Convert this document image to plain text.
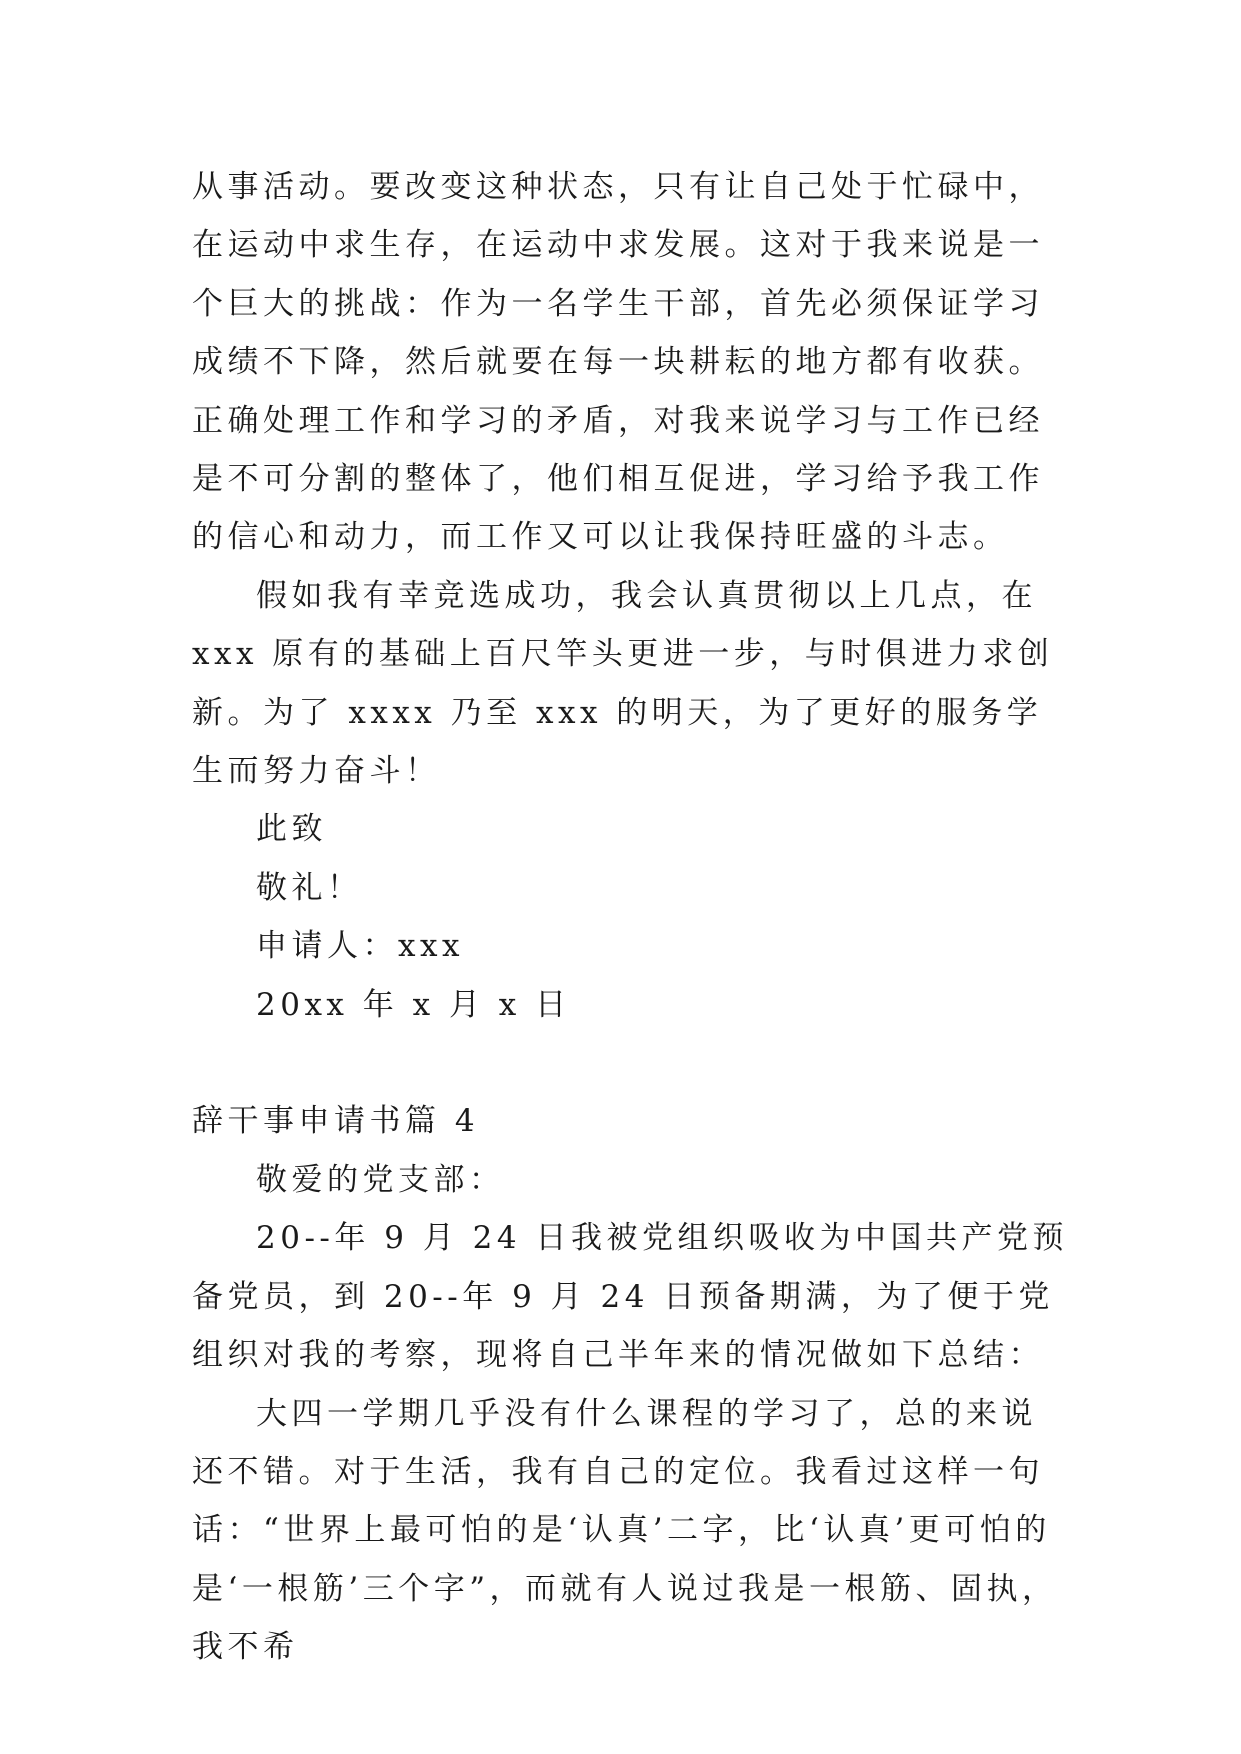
从事活动。要改变这种状态，只有让自己处于忙碌中，在运动中求生存，在运动中求发展。这对于我来说是一个巨大的挑战：作为一名学生干部，首先必须保证学习成绩不下降，然后就要在每一块耕耘的地方都有收获。正确处理工作和学习的矛盾，对我来说学习与工作已经是不可分割的整体了，他们相互促进，学习给予我工作的信心和动力，而工作又可以让我保持旺盛的斗志。

假如我有幸竞选成功，我会认真贯彻以上几点，在 xxx 原有的基础上百尺竿头更进一步，与时俱进力求创新。为了 xxxx 乃至 xxx 的明天，为了更好的服务学生而努力奋斗！

此致

敬礼！

申请人：xxx

20xx 年 x 月 x 日

辞干事申请书篇 4

敬爱的党支部：

20--年 9 月 24 日我被党组织吸收为中国共产党预备党员，到 20--年 9 月 24 日预备期满，为了便于党组织对我的考察，现将自己半年来的情况做如下总结：

大四一学期几乎没有什么课程的学习了，总的来说还不错。对于生活，我有自己的定位。我看过这样一句话：“世界上最可怕的是‘认真’二字，比‘认真’更可怕的是‘一根筋’三个字”，而就有人说过我是一根筋、固执，我不希
